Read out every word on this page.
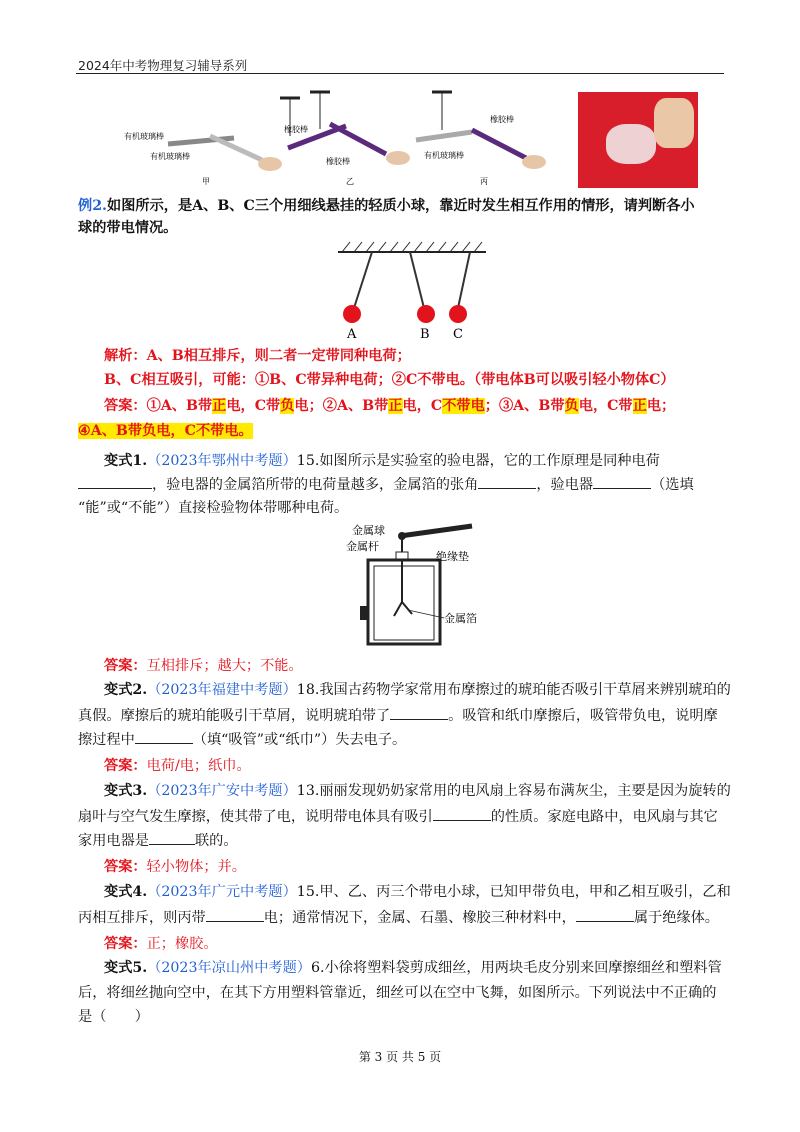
2024年中考物理复习辅导系列
有机玻璃棒
有机玻璃棒
甲
橡胶棒
橡胶棒
乙
橡胶棒
有机玻璃棒
丙
例2.如图所示，是A、B、C三个用细线悬挂的轻质小球，靠近时发生相互作用的情形，请判断各小
球的带电情况。
A	B C
解析：A、B相互排斥，则二者一定带同种电荷；
B、C相互吸引，可能：①B、C带异种电荷；②C不带电。（带电体B可以吸引轻小物体C）
答案：①A、B带正电，C带负电；②A、B带正电，C不带电；③A、B带负电，C带正电；
④A、B带负电，C不带电。
变式1.（2023年鄂州中考题）15.如图所示是实验室的验电器，它的工作原理是同种电荷
，验电器的金属箔所带的电荷量越多，金属箔的张角	，验电器	（选填
“能”或“不能”）直接检验物体带哪种电荷。
金属球
金属杆
绝缘垫
金属箔
答案：互相排斥；越大；不能。
变式2.（2023年福建中考题）18.我国古药物学家常用布摩擦过的琥珀能否吸引干草屑来辨别琥珀的
真假。摩擦后的琥珀能吸引干草屑，说明琥珀带了	。吸管和纸巾摩擦后，吸管带负电，说明摩
擦过程中	（填“吸管”或“纸巾”）失去电子。
答案：电荷/电；纸巾。
变式3.（2023年广安中考题）13.丽丽发现奶奶家常用的电风扇上容易布满灰尘，主要是因为旋转的
扇叶与空气发生摩擦，使其带了电，说明带电体具有吸引	的性质。家庭电路中，电风扇与其它
家用电器是	联的。
答案：轻小物体；并。
变式4.（2023年广元中考题）15.甲、乙、丙三个带电小球，已知甲带负电，甲和乙相互吸引，乙和
丙相互排斥，则丙带	电；通常情况下，金属、石墨、橡胶三种材料中，	属于绝缘体。
答案：正；橡胶。
变式5.（2023年凉山州中考题）6.小徐将塑料袋剪成细丝，用两块毛皮分别来回摩擦细丝和塑料管
后，将细丝抛向空中，在其下方用塑料管靠近，细丝可以在空中飞舞，如图所示。下列说法中不正确的
是（　　）
第 3 页 共 5 页
